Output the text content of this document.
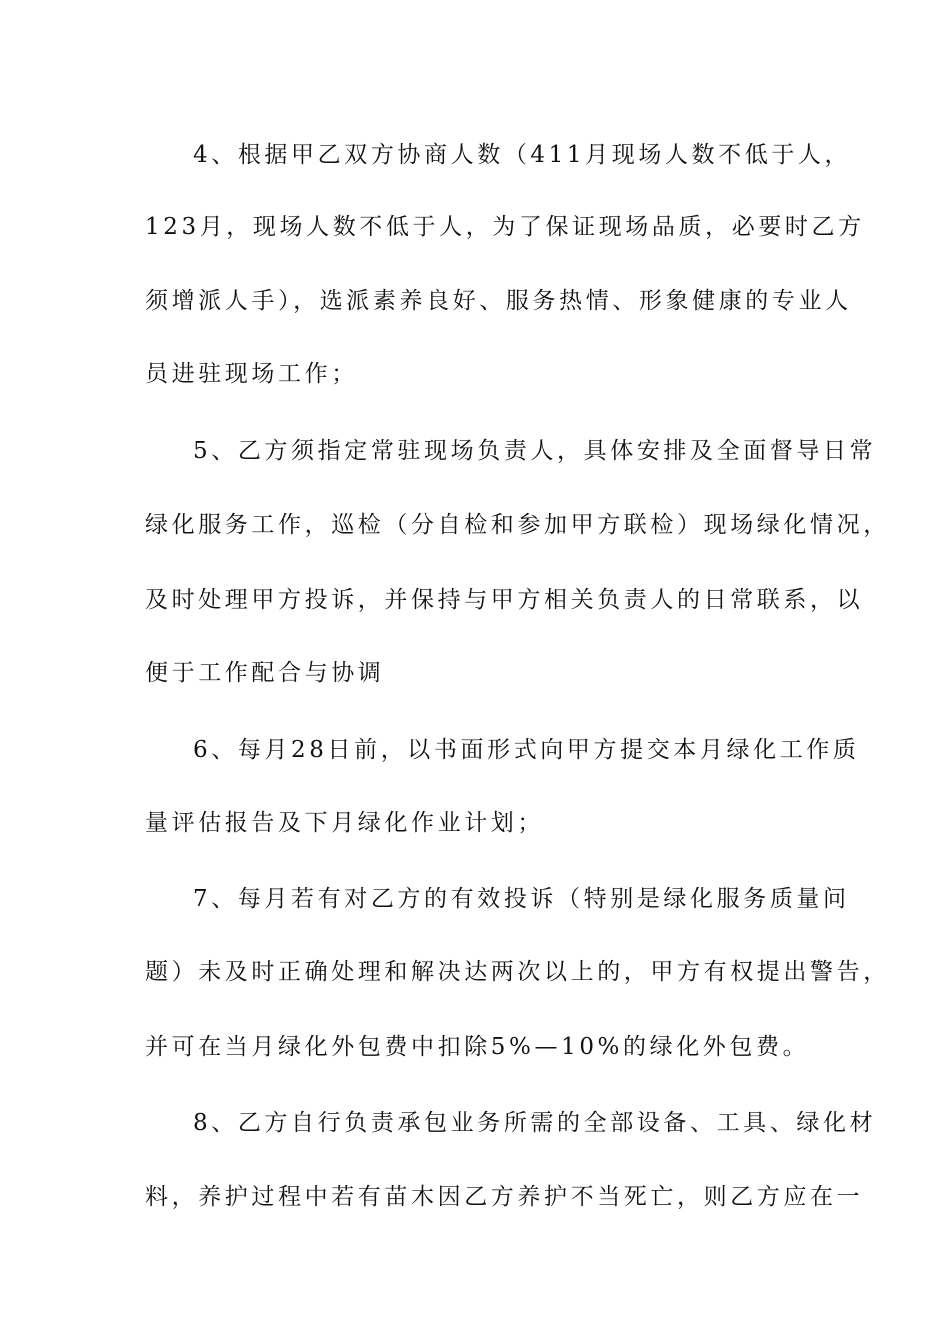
4、根据甲乙双方协商人数（411月现场人数不低于人，
123月，现场人数不低于人，为了保证现场品质，必要时乙方
须增派人手），选派素养良好、服务热情、形象健康的专业人
员进驻现场工作；
5、乙方须指定常驻现场负责人，具体安排及全面督导日常
绿化服务工作，巡检（分自检和参加甲方联检）现场绿化情况，
及时处理甲方投诉，并保持与甲方相关负责人的日常联系，以
便于工作配合与协调
6、每月28日前，以书面形式向甲方提交本月绿化工作质
量评估报告及下月绿化作业计划；
7、每月若有对乙方的有效投诉（特别是绿化服务质量问
题）未及时正确处理和解决达两次以上的，甲方有权提出警告，
并可在当月绿化外包费中扣除5%—10%的绿化外包费。
8、乙方自行负责承包业务所需的全部设备、工具、绿化材
料，养护过程中若有苗木因乙方养护不当死亡，则乙方应在一
